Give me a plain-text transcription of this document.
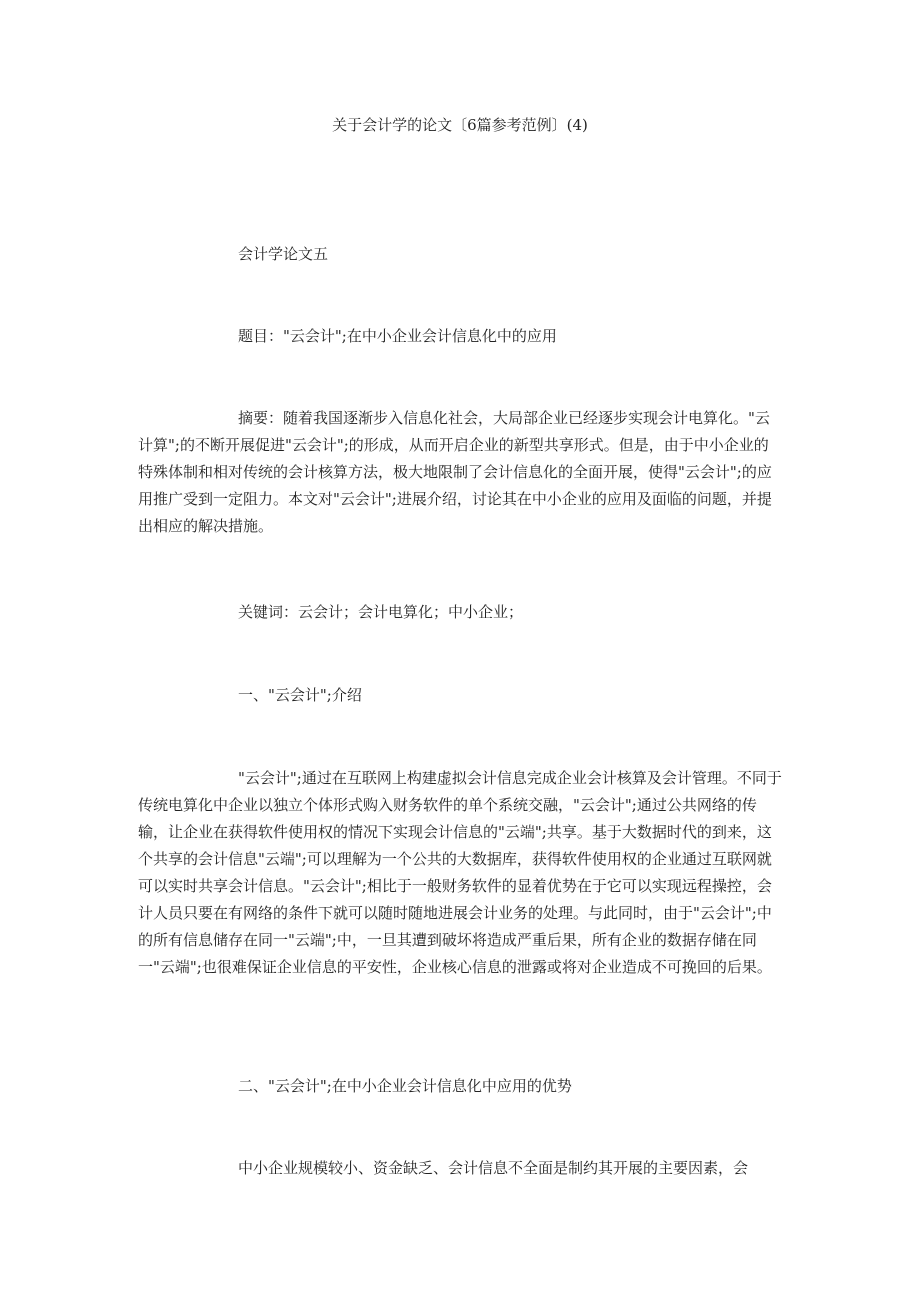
关于会计学的论文〔6篇参考范例〕(4)
会计学论文五
题目："云会计";在中小企业会计信息化中的应用

摘要：随着我国逐渐步入信息化社会，大局部企业已经逐步实现会计电算化。"云计算";的不断开展促进"云会计";的形成，从而开启企业的新型共享形式。但是，由于中小企业的特殊体制和相对传统的会计核算方法，极大地限制了会计信息化的全面开展，使得"云会计";的应用推广受到一定阻力。本文对"云会计";进展介绍，讨论其在中小企业的应用及面临的问题，并提出相应的解决措施。

关键词：云会计；会计电算化；中小企业；
一、"云会计";介绍

"云会计";通过在互联网上构建虚拟会计信息完成企业会计核算及会计管理。不同于传统电算化中企业以独立个体形式购入财务软件的单个系统交融，"云会计";通过公共网络的传输，让企业在获得软件使用权的情况下实现会计信息的"云端";共享。基于大数据时代的到来，这个共享的会计信息"云端";可以理解为一个公共的大数据库，获得软件使用权的企业通过互联网就可以实时共享会计信息。"云会计";相比于一般财务软件的显着优势在于它可以实现远程操控，会计人员只要在有网络的条件下就可以随时随地进展会计业务的处理。与此同时，由于"云会计";中的所有信息储存在同一"云端";中，一旦其遭到破坏将造成严重后果，所有企业的数据存储在同一"云端";也很难保证企业信息的平安性，企业核心信息的泄露或将对企业造成不可挽回的后果。

二、"云会计";在中小企业会计信息化中应用的优势
中小企业规模较小、资金缺乏、会计信息不全面是制约其开展的主要因素，会
